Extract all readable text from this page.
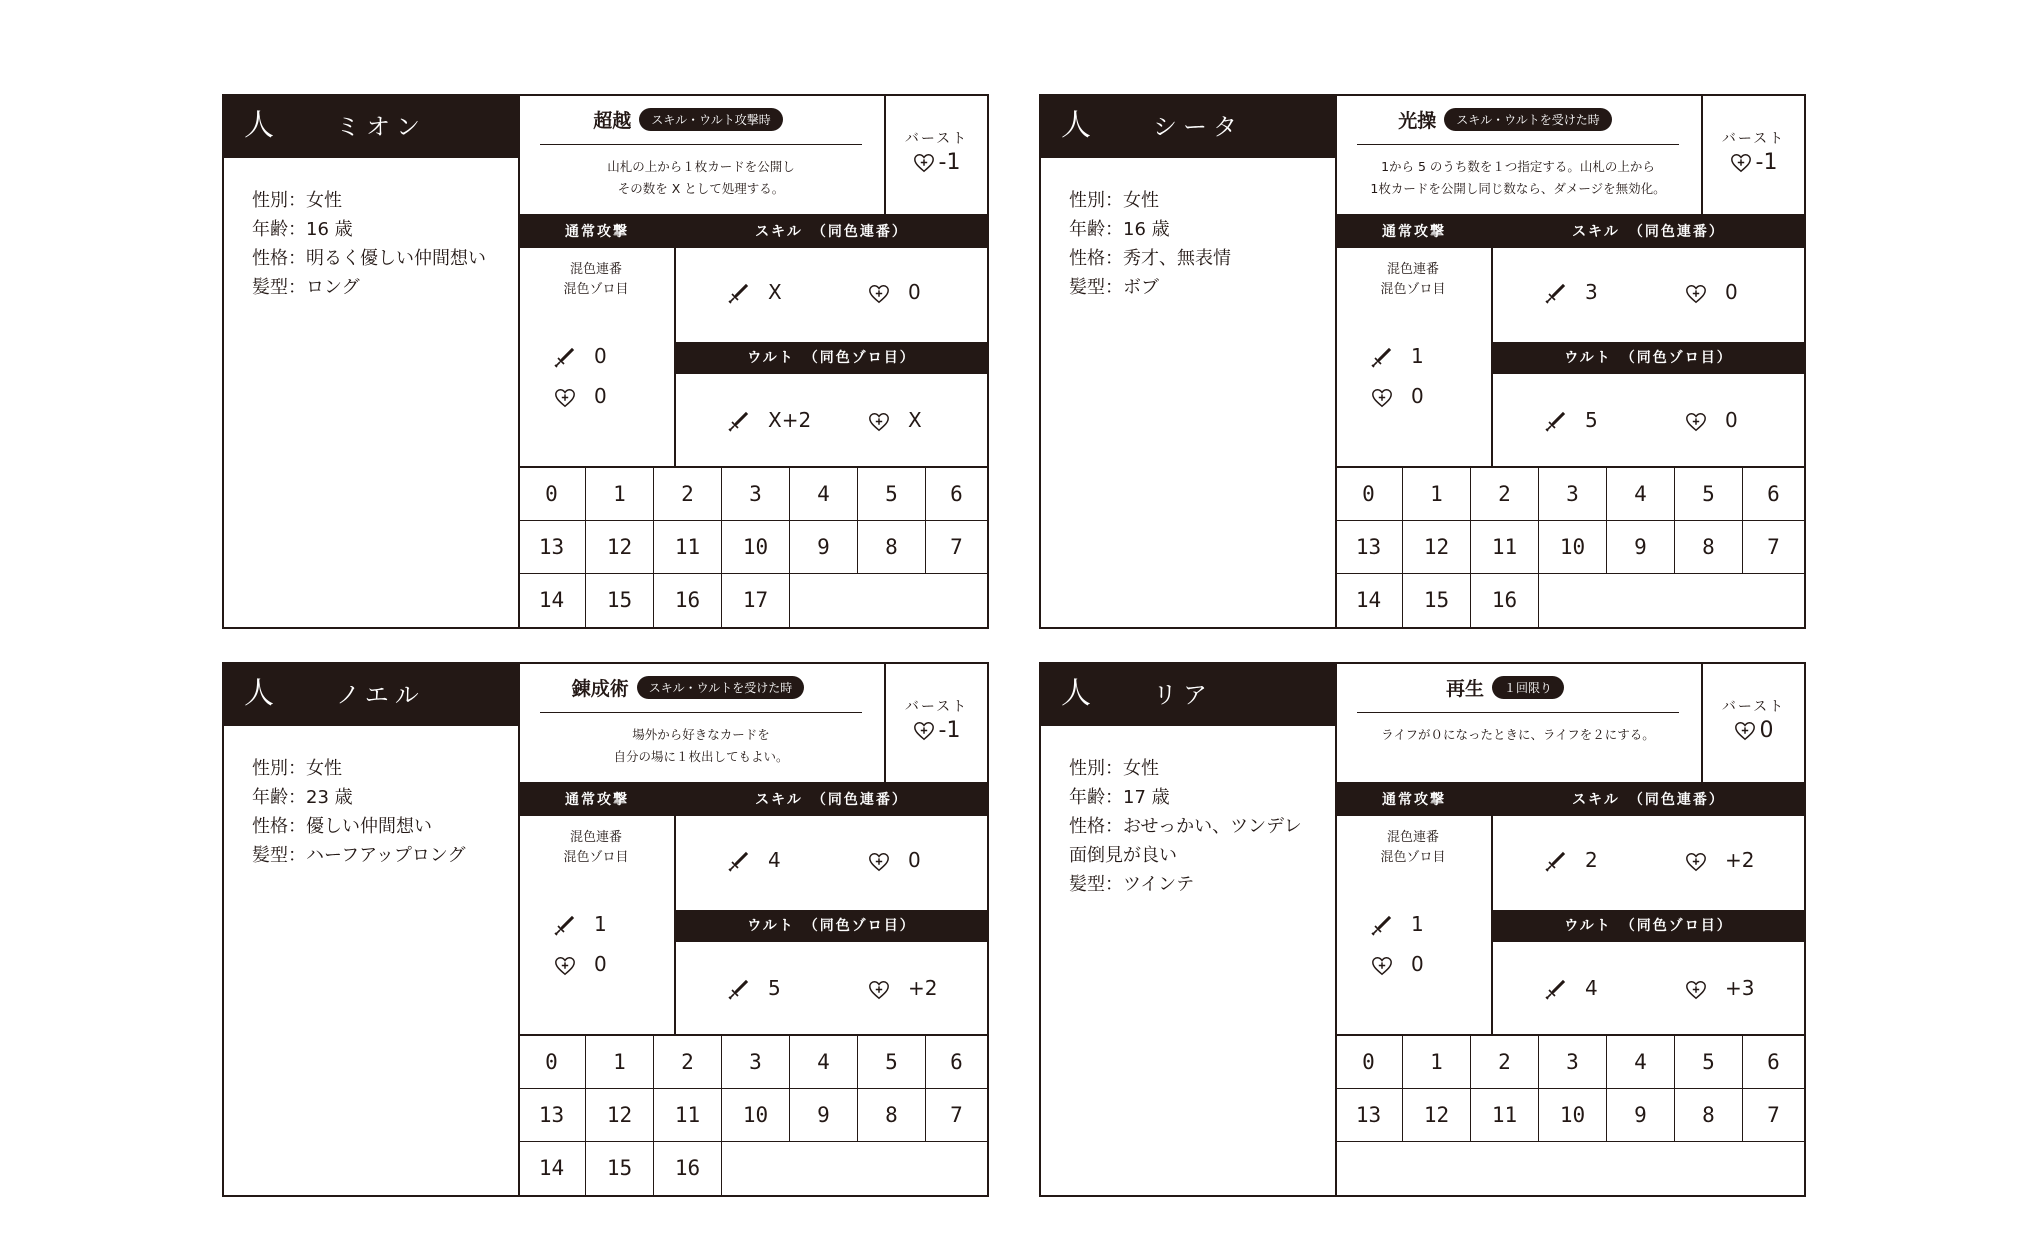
人	ミオン
性別：女性
年齢：16 歳
性格：明るく優しい仲間想い
髪型：ロング
超越 スキル・ウルト攻撃時
山札の上から１枚カードを公開し
その数を X として処理する。
バースト
-1
通常攻撃	スキル　（同色連番）
混色連番
混色ゾロ目
0
0
X	0
ウルト　（同色ゾロ目）
X+2	X
0	1	2	3	4	5	6
13	12	11	10	9	8	7
14	15	16	17
人	シータ
性別：女性
年齢：16 歳
性格：秀才、無表情
髪型：ボブ
光操 スキル・ウルトを受けた時
1から 5 のうち数を１つ指定する。山札の上から
1枚カードを公開し同じ数なら、ダメージを無効化。
バースト
-1
通常攻撃	スキル　（同色連番）
混色連番
混色ゾロ目
1
0
3	0
ウルト　（同色ゾロ目）
5	0
0	1	2	3	4	5	6
13	12	11	10	9	8	7
14	15	16
人	ノエル
性別：女性
年齢：23 歳
性格：優しい仲間想い
髪型：ハーフアップロング
錬成術 スキル・ウルトを受けた時
場外から好きなカードを
自分の場に１枚出してもよい。
バースト
-1
通常攻撃	スキル　（同色連番）
混色連番
混色ゾロ目
1
0
4	0
ウルト　（同色ゾロ目）
5	+2
0	1	2	3	4	5	6
13	12	11	10	9	8	7
14	15	16
人	リア
性別：女性
年齢：17 歳
性格：おせっかい、ツンデレ
面倒見が良い
髪型：ツインテ
再生 １回限り
ライフが０になったときに、ライフを２にする。
バースト
0
通常攻撃	スキル　（同色連番）
混色連番
混色ゾロ目
1
0
2	+2
ウルト　（同色ゾロ目）
4	+3
0	1	2	3	4	5	6
13	12	11	10	9	8	7
